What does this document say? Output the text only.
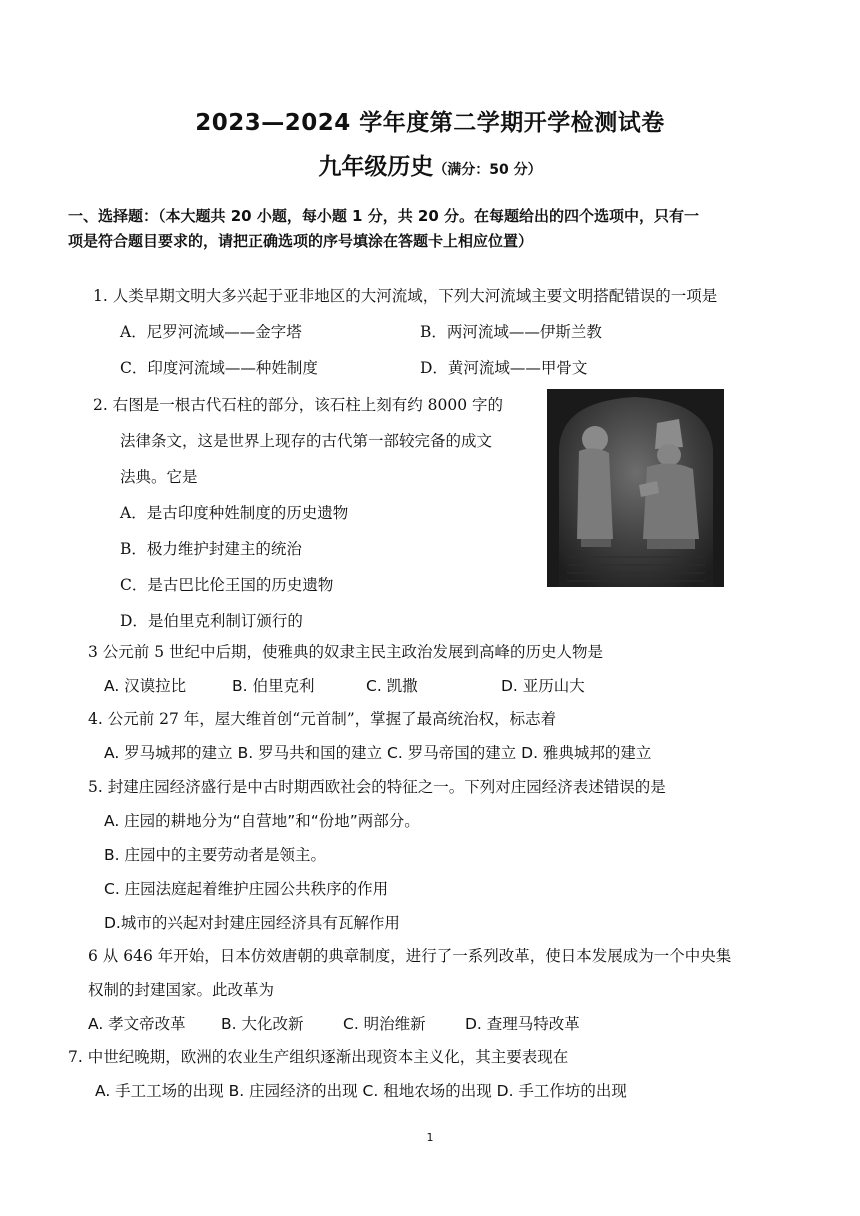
2023—2024 学年度第二学期开学检测试卷
九年级历史（满分：50 分）
一、选择题：（本大题共 20 小题，每小题 1 分，共 20 分。在每题给出的四个选项中，只有一
项是符合题目要求的，请把正确选项的序号填涂在答题卡上相应位置）
1. 人类早期文明大多兴起于亚非地区的大河流域，下列大河流域主要文明搭配错误的一项是
A．尼罗河流域——金字塔	B．两河流域——伊斯兰教
C．印度河流域——种姓制度	D．黄河流域——甲骨文
2. 右图是一根古代石柱的部分，该石柱上刻有约 8000 字的
法律条文，这是世界上现存的古代第一部较完备的成文
法典。它是
A．是古印度种姓制度的历史遗物
B．极力维护封建主的统治
C．是古巴比伦王国的历史遗物
D．是伯里克利制订颁行的
3 公元前 5 世纪中后期，使雅典的奴隶主民主政治发展到高峰的历史人物是
A. 汉谟拉比	B. 伯里克利	C. 凯撒	D. 亚历山大
4. 公元前 27 年，屋大维首创“元首制”，掌握了最高统治权，标志着
A. 罗马城邦的建立 B. 罗马共和国的建立 C. 罗马帝国的建立 D. 雅典城邦的建立
5. 封建庄园经济盛行是中古时期西欧社会的特征之一。下列对庄园经济表述错误的是
A. 庄园的耕地分为“自营地”和“份地”两部分。
B. 庄园中的主要劳动者是领主。
C. 庄园法庭起着维护庄园公共秩序的作用
D.城市的兴起对封建庄园经济具有瓦解作用
6 从 646 年开始，日本仿效唐朝的典章制度，进行了一系列改革，使日本发展成为一个中央集
权制的封建国家。此改革为
A. 孝文帝改革 B. 大化改新	C. 明治维新	D. 查理马特改革
7. 中世纪晚期，欧洲的农业生产组织逐渐出现资本主义化，其主要表现在
A. 手工工场的出现 B. 庄园经济的出现 C. 租地农场的出现 D. 手工作坊的出现
1
